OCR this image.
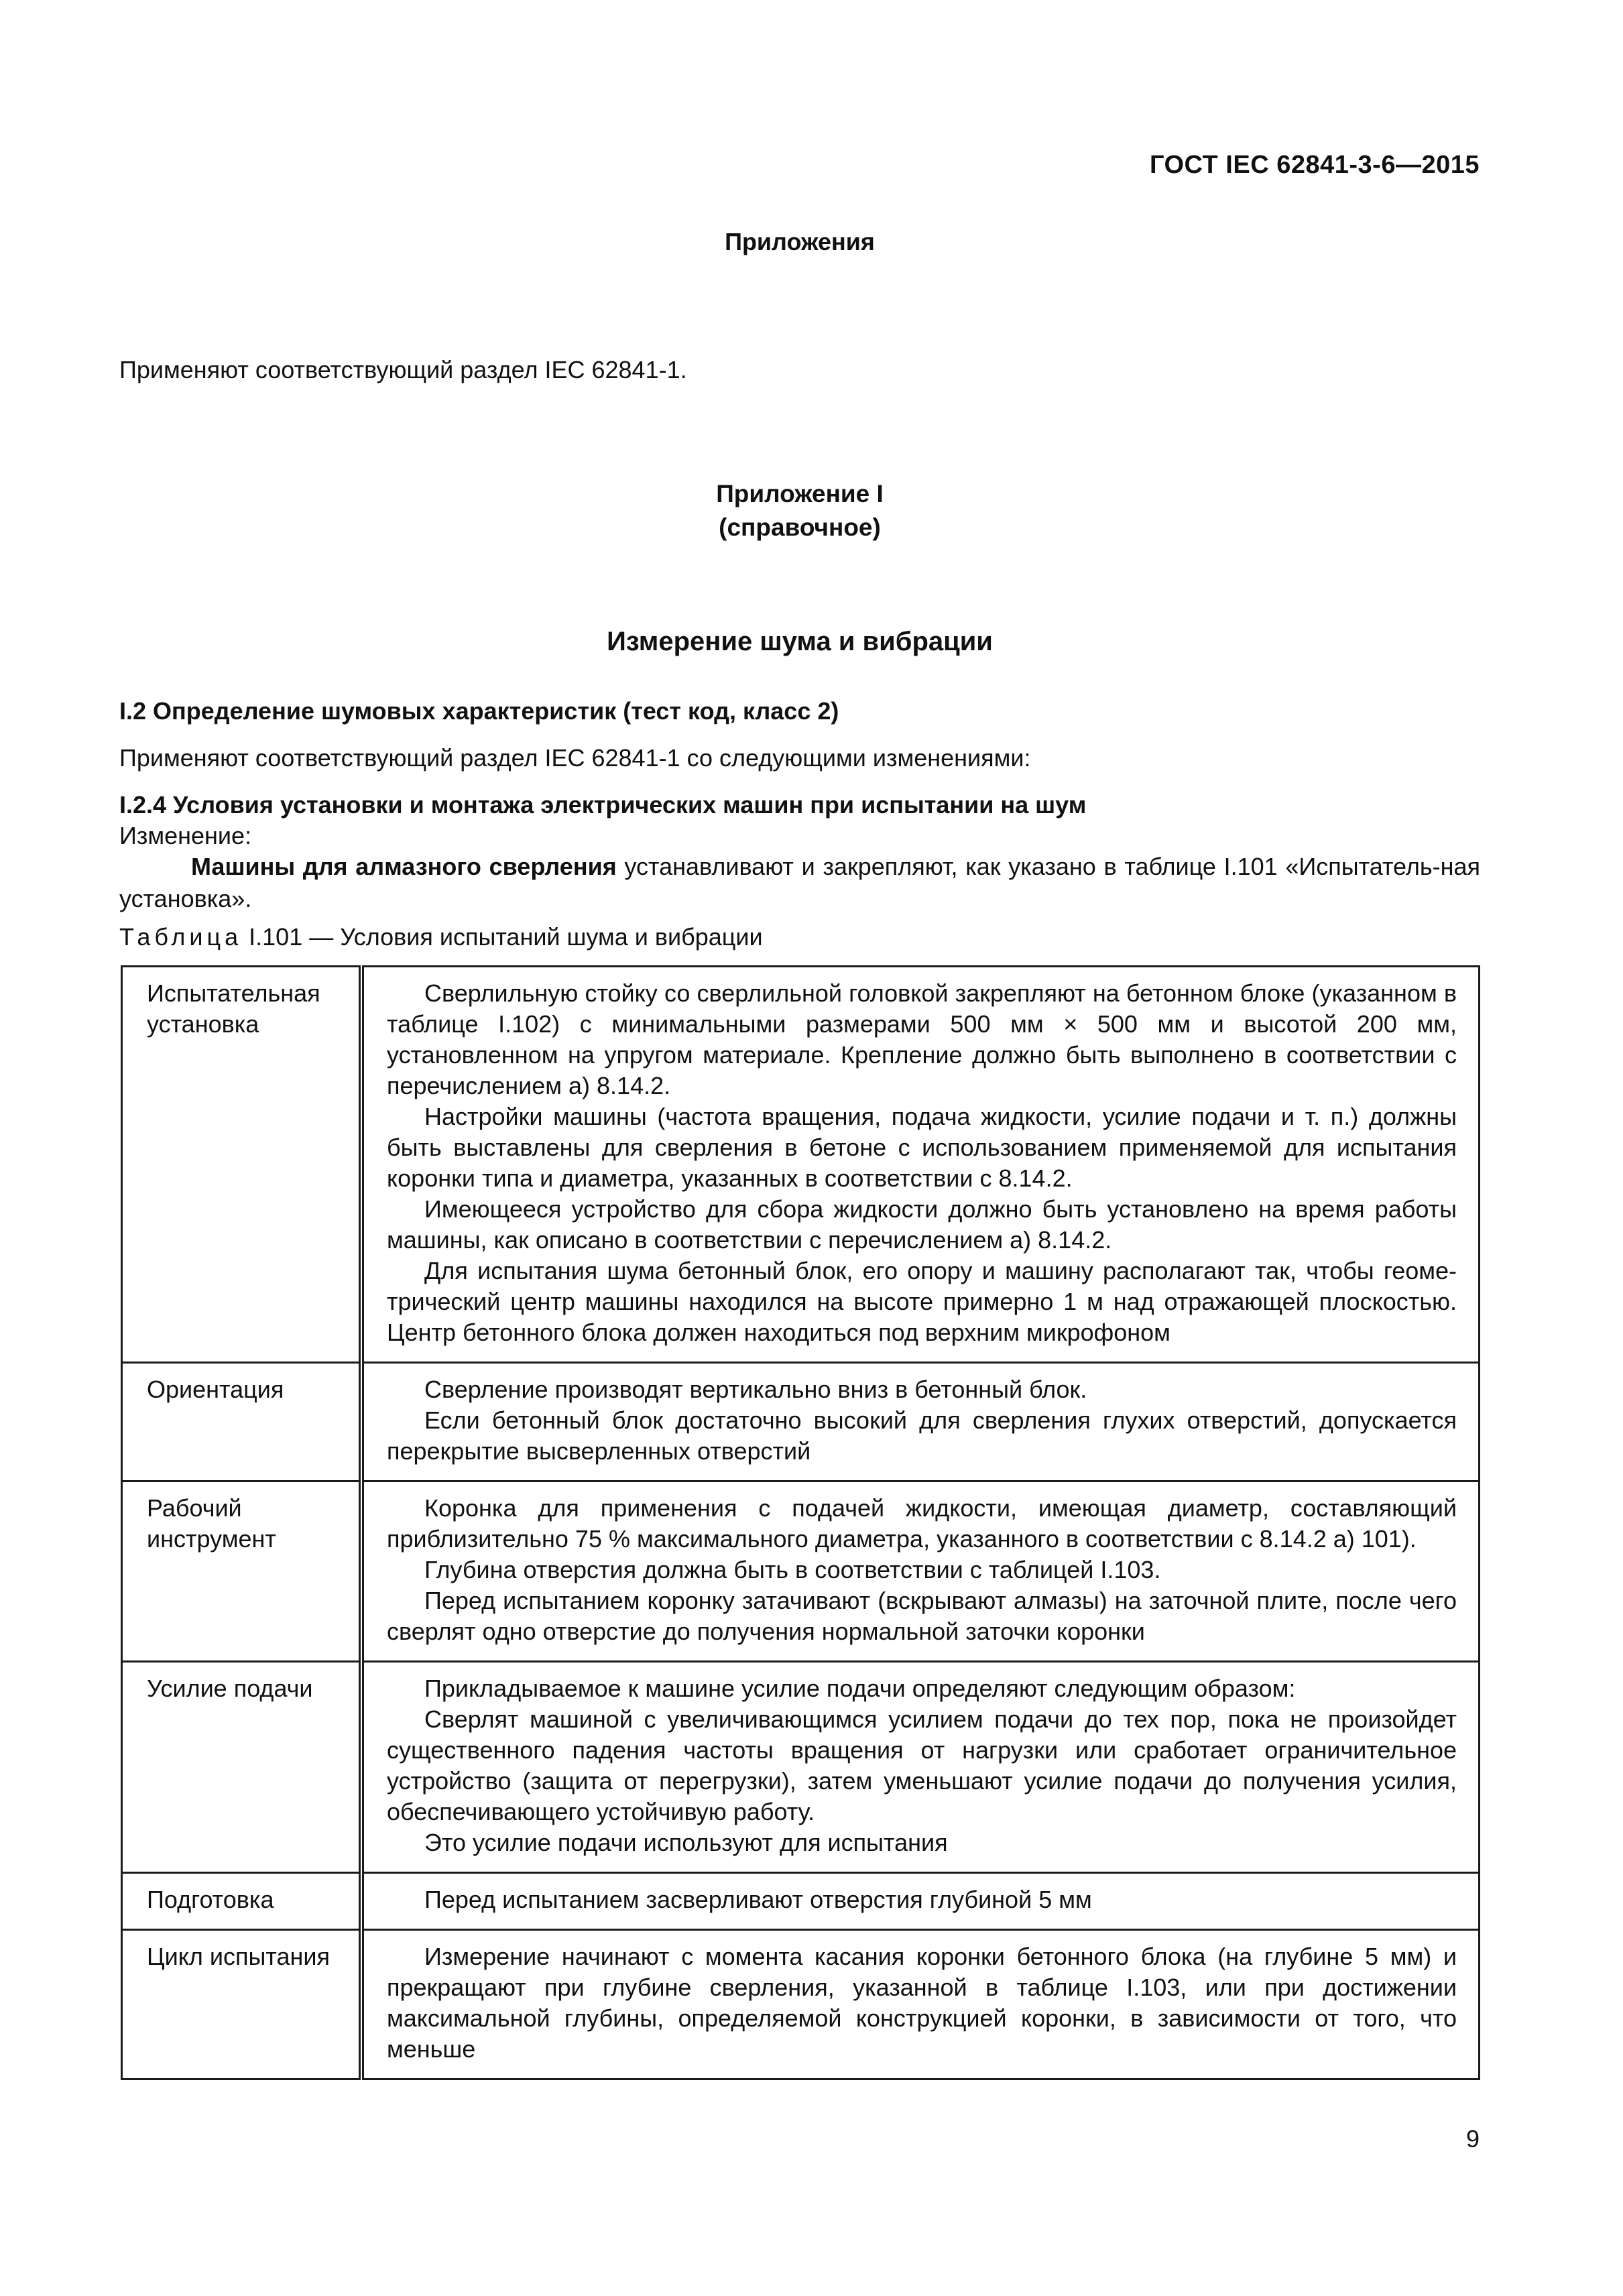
ГОСТ IEC 62841-3-6—2015
Приложения
Применяют соответствующий раздел IEC 62841-1.
Приложение I
(справочное)
Измерение шума и вибрации
I.2 Определение шумовых характеристик (тест код, класс 2)
Применяют соответствующий раздел IEC 62841-1 со следующими изменениями:
I.2.4 Условия установки и монтажа электрических машин при испытании на шум
Изменение:
Машины для алмазного сверления устанавливают и закрепляют, как указано в таблице I.101 «Испытатель-ная установка».
Таблица I.101 — Условия испытаний шума и вибрации
Испытательная установка	Сверлильную стойку со сверлильной головкой закрепляют на бетонном блоке (указанном в таблице I.102) с минимальными размерами 500 мм × 500 мм и высотой 200 мм, установленном на упругом материале. Крепление должно быть выполнено в соответствии с перечислением а) 8.14.2.

Настройки машины (частота вращения, подача жидкости, усилие подачи и т. п.) должны быть выставлены для сверления в бетоне с использованием применяемой для испытания коронки типа и диаметра, указанных в соответствии с 8.14.2.

Имеющееся устройство для сбора жидкости должно быть установлено на время работы машины, как описано в соответствии с перечислением а) 8.14.2.

Для испытания шума бетонный блок, его опору и машину располагают так, чтобы геоме-трический центр машины находился на высоте примерно 1 м над отражающей плоскостью. Центр бетонного блока должен находиться под верхним микрофоном

Ориентация	Сверление производят вертикально вниз в бетонный блок.

Если бетонный блок достаточно высокий для сверления глухих отверстий, допускается перекрытие высверленных отверстий

Рабочий инструмент	Коронка для применения с подачей жидкости, имеющая диаметр, составляющий приблизительно 75 % максимального диаметра, указанного в соответствии с 8.14.2 а) 101).

Глубина отверстия должна быть в соответствии с таблицей I.103.

Перед испытанием коронку затачивают (вскрывают алмазы) на заточной плите, после чего сверлят одно отверстие до получения нормальной заточки коронки

Усилие подачи	Прикладываемое к машине усилие подачи определяют следующим образом:

Сверлят машиной с увеличивающимся усилием подачи до тех пор, пока не произойдет существенного падения частоты вращения от нагрузки или сработает ограничительное устройство (защита от перегрузки), затем уменьшают усилие подачи до получения усилия, обеспечивающего устойчивую работу.

Это усилие подачи используют для испытания

Подготовка	Перед испытанием засверливают отверстия глубиной 5 мм

Цикл испытания	Измерение начинают с момента касания коронки бетонного блока (на глубине 5 мм) и прекращают при глубине сверления, указанной в таблице I.103, или при достижении максимальной глубины, определяемой конструкцией коронки, в зависимости от того, что меньше

9
